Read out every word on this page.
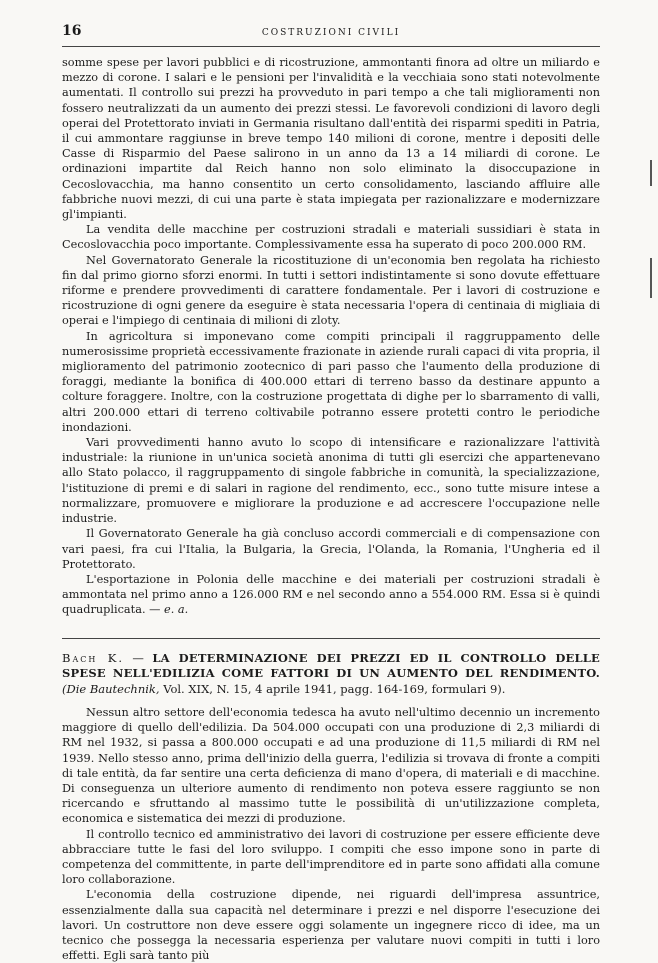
16	COSTRUZIONI CIVILI

somme spese per lavori pubblici e di ricostruzione, ammontanti finora ad oltre un miliardo e mezzo di corone. I salari e le pensioni per l'invalidità e la vecchiaia sono stati notevolmente aumentati. Il controllo sui prezzi ha provveduto in pari tempo a che tali miglioramenti non fossero neutralizzati da un aumento dei prezzi stessi. Le favorevoli condizioni di lavoro degli operai del Protettorato inviati in Germania risultano dall'entità dei risparmi spediti in Patria, il cui ammontare raggiunse in breve tempo 140 milioni di corone, mentre i depositi delle Casse di Risparmio del Paese salirono in un anno da 13 a 14 miliardi di corone. Le ordinazioni impartite dal Reich hanno non solo eliminato la disoccupazione in Cecoslovacchia, ma hanno consentito un certo consolidamento, lasciando affluire alle fabbriche nuovi mezzi, di cui una parte è stata impiegata per razionalizzare e modernizzare gl'impianti.

La vendita delle macchine per costruzioni stradali e materiali sussidiari è stata in Cecoslovacchia poco importante. Complessivamente essa ha superato di poco 200.000 RM.

Nel Governatorato Generale la ricostituzione di un'economia ben regolata ha richiesto fin dal primo giorno sforzi enormi. In tutti i settori indistintamente si sono dovute effettuare riforme e prendere provvedimenti di carattere fondamentale. Per i lavori di costruzione e ricostruzione di ogni genere da eseguire è stata necessaria l'opera di centinaia di migliaia di operai e l'impiego di centinaia di milioni di zloty.

In agricoltura si imponevano come compiti principali il raggruppamento delle numerosissime proprietà eccessivamente frazionate in aziende rurali capaci di vita propria, il miglioramento del patrimonio zootecnico di pari passo che l'aumento della produzione di foraggi, mediante la bonifica di 400.000 ettari di terreno basso da destinare appunto a colture foraggere. Inoltre, con la costruzione progettata di dighe per lo sbarramento di valli, altri 200.000 ettari di terreno coltivabile potranno essere protetti contro le periodiche inondazioni.

Vari provvedimenti hanno avuto lo scopo di intensificare e razionalizzare l'attività industriale: la riunione in un'unica società anonima di tutti gli esercizi che appartenevano allo Stato polacco, il raggruppamento di singole fabbriche in comunità, la specializzazione, l'istituzione di premi e di salari in ragione del rendimento, ecc., sono tutte misure intese a normalizzare, promuovere e migliorare la produzione e ad accrescere l'occupazione nelle industrie.

Il Governatorato Generale ha già concluso accordi commerciali e di compensazione con vari paesi, fra cui l'Italia, la Bulgaria, la Grecia, l'Olanda, la Romania, l'Ungheria ed il Protettorato.

L'esportazione in Polonia delle macchine e dei materiali per costruzioni stradali è ammontata nel primo anno a 126.000 RM e nel secondo anno a 554.000 RM. Essa si è quindi quadruplicata. — e. a.

Bach K. — LA DETERMINAZIONE DEI PREZZI ED IL CONTROLLO DELLE SPESE NELL'EDILIZIA COME FATTORI DI UN AUMENTO DEL RENDIMENTO. (Die Bautechnik, Vol. XIX, N. 15, 4 aprile 1941, pagg. 164-169, formulari 9).

Nessun altro settore dell'economia tedesca ha avuto nell'ultimo decennio un incremento maggiore di quello dell'edilizia. Da 504.000 occupati con una produzione di 2,3 miliardi di RM nel 1932, si passa a 800.000 occupati e ad una produzione di 11,5 miliardi di RM nel 1939. Nello stesso anno, prima dell'inizio della guerra, l'edilizia si trovava di fronte a compiti di tale entità, da far sentire una certa deficienza di mano d'opera, di materiali e di macchine. Di conseguenza un ulteriore aumento di rendimento non poteva essere raggiunto se non ricercando e sfruttando al massimo tutte le possibilità di un'utilizzazione completa, economica e sistematica dei mezzi di produzione.

Il controllo tecnico ed amministrativo dei lavori di costruzione per essere efficiente deve abbracciare tutte le fasi del loro sviluppo. I compiti che esso impone sono in parte di competenza del committente, in parte dell'imprenditore ed in parte sono affidati alla comune loro collaborazione.

L'economia della costruzione dipende, nei riguardi dell'impresa assuntrice, essenzialmente dalla sua capacità nel determinare i prezzi e nel disporre l'esecuzione dei lavori. Un costruttore non deve essere oggi solamente un ingegnere ricco di idee, ma un tecnico che possegga la necessaria esperienza per valutare nuovi compiti in tutti i loro effetti. Egli sarà tanto più
